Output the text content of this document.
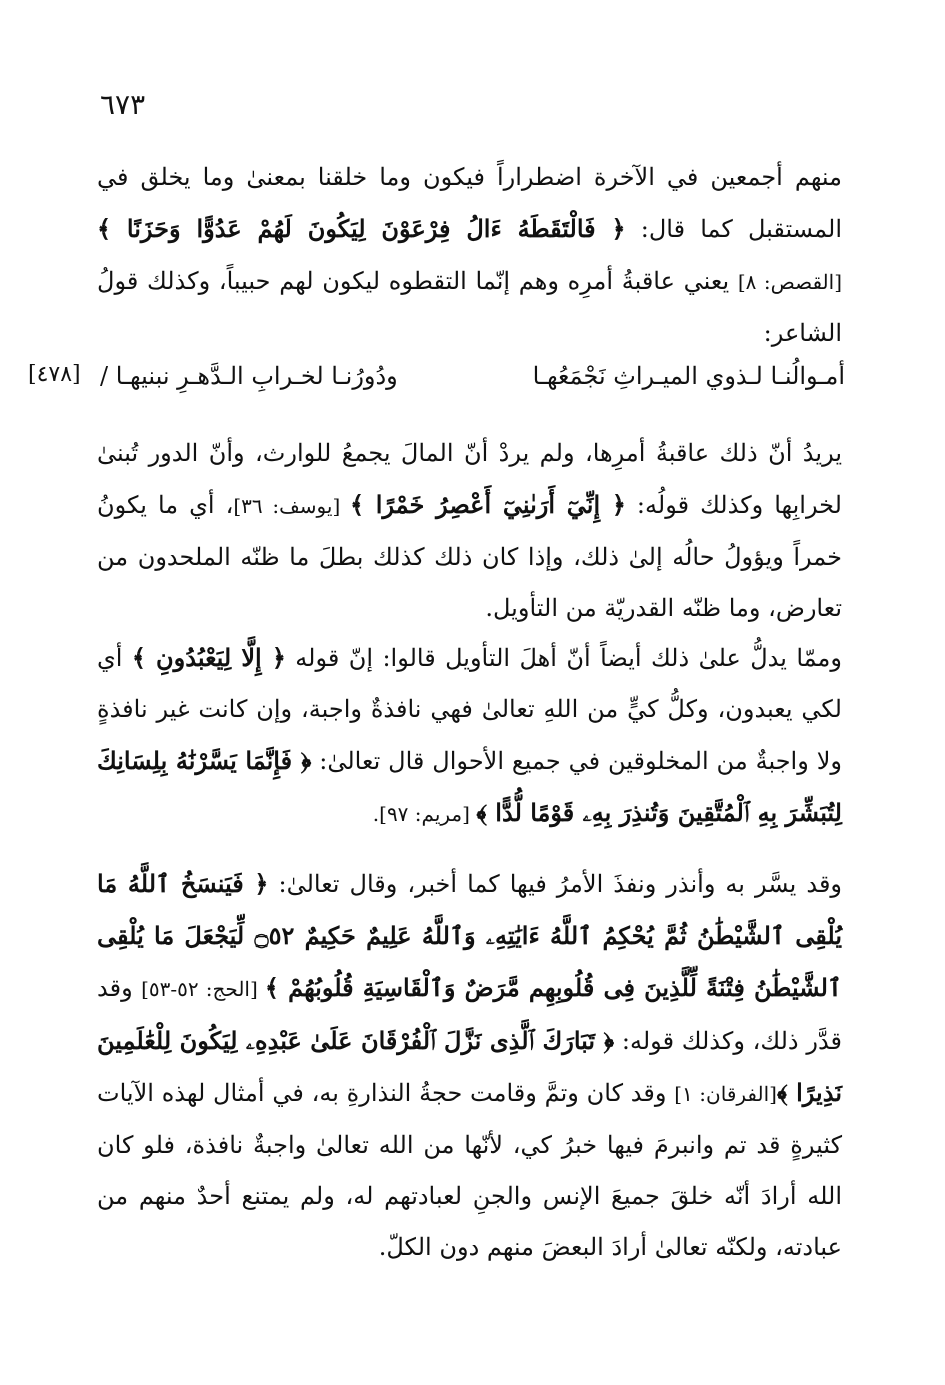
٦٧٣
منهم أجمعين في الآخرة اضطراراً فيكون وما خلقنا بمعنىٰ وما يخلق في المستقبل كما قال: ﴿ فَالْتَقَطَهُ ءَالُ فِرْعَوْنَ لِيَكُونَ لَهُمْ عَدُوًّا وَحَزَنًا ﴾ [القصص: ٨] يعني عاقبةُ أمرِه وهم إنّما التقطوه ليكون لهم حبيباً، وكذلك قولُ الشاعر:
أمـوالُنـا لـذوي الميـراثِ نَجْمَعُهـا
ودُورُنـا لخـرابِ الـدَّهـرِ نبنيهـا /
[٤٧٨]
يريدُ أنّ ذلك عاقبةُ أمرِها، ولم يردْ أنّ المالَ يجمعُ للوارث، وأنّ الدور تُبنىٰ لخرابِها وكذلك قولُه: ﴿ إِنِّيٓ أَرَىٰنِيٓ أَعْصِرُ خَمْرًا ﴾ [يوسف: ٣٦]، أي ما يكونُ خمراً ويؤولُ حالُه إلىٰ ذلك، وإذا كان ذلك كذلك بطلَ ما ظنّه الملحدون من تعارض، وما ظنّه القدريّة من التأويل.
وممّا يدلُّ علىٰ ذلك أيضاً أنّ أهلَ التأويل قالوا: إنّ قوله ﴿ إِلَّا لِيَعْبُدُونِ ﴾ أي لكي يعبدون، وكلُّ كيٍّ من اللهِ تعالىٰ فهي نافذةٌ واجبة، وإن كانت غير نافذةٍ ولا واجبةٌ من المخلوقين في جميع الأحوال قال تعالىٰ: ﴿ فَإِنَّمَا يَسَّرْنَٰهُ بِلِسَانِكَ لِتُبَشِّرَ بِهِ ٱلْمُتَّقِينَ وَتُنذِرَ بِهِۦ قَوْمًا لُّدًّا ﴾ [مريم: ٩٧].
وقد يسَّر به وأنذر ونفذَ الأمرُ فيها كما أخبر، وقال تعالىٰ: ﴿ فَيَنسَخُ ٱللَّهُ مَا يُلْقِى ٱلشَّيْطَٰنُ ثُمَّ يُحْكِمُ ٱللَّهُ ءَايَٰتِهِۦ وَٱللَّهُ عَلِيمٌ حَكِيمٌ ۝٥٢ لِّيَجْعَلَ مَا يُلْقِى ٱلشَّيْطَٰنُ فِتْنَةً لِّلَّذِينَ فِى قُلُوبِهِم مَّرَضٌ وَٱلْقَاسِيَةِ قُلُوبُهُمْ ﴾ [الحج: ٥٢-٥٣] وقد قدَّر ذلك، وكذلك قوله: ﴿ تَبَارَكَ ٱلَّذِى نَزَّلَ ٱلْفُرْقَانَ عَلَىٰ عَبْدِهِۦ لِيَكُونَ لِلْعَٰلَمِينَ نَذِيرًا ﴾[الفرقان: ١] وقد كان وتمَّ وقامت حجةُ النذارةِ به، في أمثال لهذه الآيات كثيرةٍ قد تم وانبرمَ فيها خبرُ كي، لأنّها من الله تعالىٰ واجبةٌ نافذة، فلو كان الله أرادَ أنّه خلقَ جميعَ الإنس والجنِ لعبادتهم له، ولم يمتنع أحدٌ منهم من عبادته، ولكنّه تعالىٰ أرادَ البعضَ منهم دون الكلّ.
